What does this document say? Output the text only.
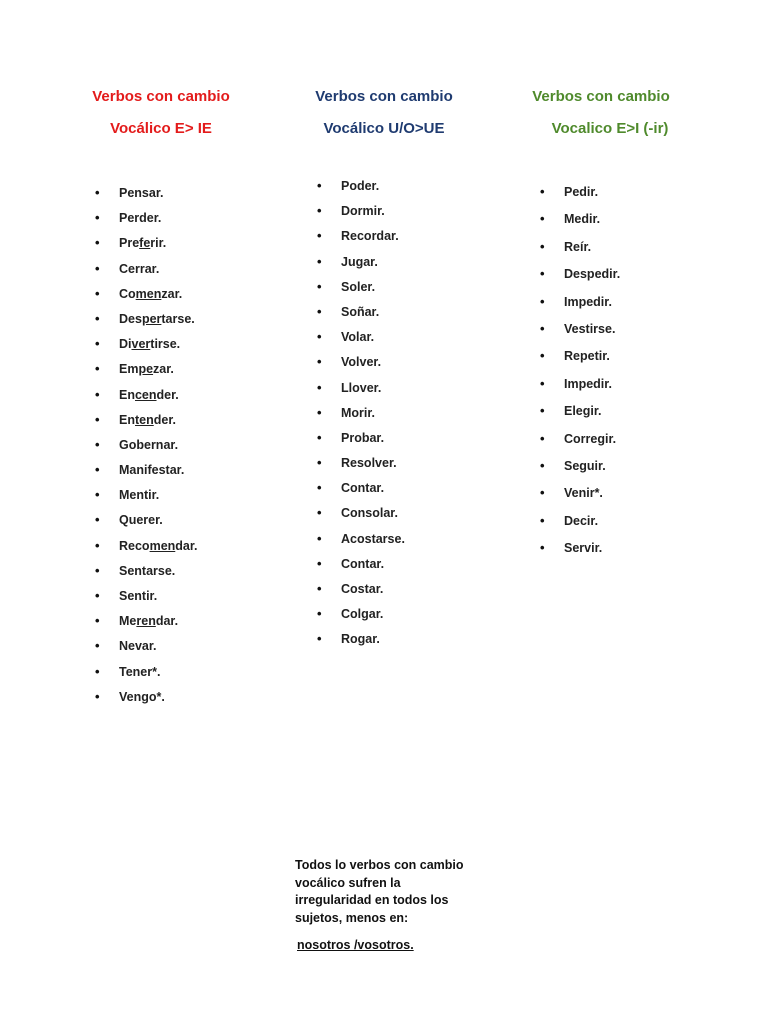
Verbos con cambio
Vocálico E> IE
• Pensar.
• Perder.
• Preferir.
• Cerrar.
• Comenzar.
• Despertarse.
• Divertirse.
• Empezar.
• Encender.
• Entender.
• Gobernar.
• Manifestar.
• Mentir.
• Querer.
• Recomendar.
• Sentarse.
• Sentir.
• Merendar.
• Nevar.
• Tener*.
• Vengo*.
Verbos con cambio
Vocálico U/O>UE
• Poder.
• Dormir.
• Recordar.
• Jugar.
• Soler.
• Soñar.
• Volar.
• Volver.
• Llover.
• Morir.
• Probar.
• Resolver.
• Contar.
• Consolar.
• Acostarse.
• Contar.
• Costar.
• Colgar.
• Rogar.
Verbos con cambio
Vocalico E>I (-ir)
• Pedir.
• Medir.
• Reír.
• Despedir.
• Impedir.
• Vestirse.
• Repetir.
• Impedir.
• Elegir.
• Corregir.
• Seguir.
• Venir*.
• Decir.
• Servir.
Todos lo verbos con cambio vocálico sufren la irregularidad en todos los sujetos, menos en:
nosotros /vosotros.
